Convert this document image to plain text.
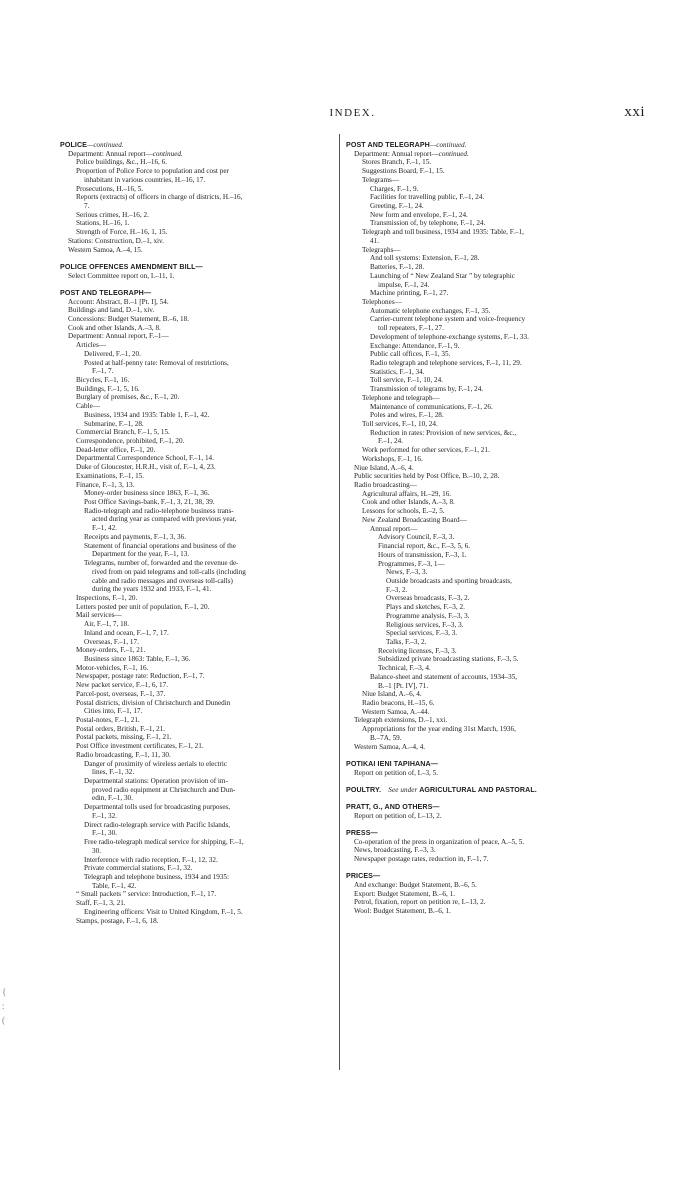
INDEX.	xxi
POLICE—continued.
Department: Annual report—continued.
Police buildings, &c., H.–16, 6.
Proportion of Police Force to population and cost per
inhabitant in various countries, H.–16, 17.
Prosecutions, H.–16, 5.
Reports (extracts) of officers in charge of districts, H.–16,
7.
Serious crimes, H.–16, 2.
Stations, H.–16, 1.
Strength of Force, H.–16, 1, 15.
Stations: Construction, D.–1, xiv.
Western Samoa, A.–4, 15.
POLICE OFFENCES AMENDMENT BILL—
Select Committee report on, I.–11, 1.
POST AND TELEGRAPH—
Account: Abstract, B.–1 [Pt. I], 54.
Buildings and land, D.–1, xiv.
Concessions: Budget Statement, B.–6, 18.
Cook and other Islands, A.–3, 8.
Department: Annual report, F.–1—
Articles—
Delivered, F.–1, 20.
Posted at half-penny rate: Removal of restrictions,
F.–1, 7.
Bicycles, F.–1, 16.
Buildings, F.–1, 5, 16.
Burglary of premises, &c., F.–1, 20.
Cable—
Business, 1934 and 1935: Table 1, F.–1, 42.
Submarine, F.–1, 28.
Commercial Branch, F.–1, 5, 15.
Correspondence, prohibited, F.–1, 20.
Dead-letter office, F.–1, 20.
Departmental Correspondence School, F.–1, 14.
Duke of Gloucester, H.R.H., visit of, F.–1, 4, 23.
Examinations, F.–1, 15.
Finance, F.–1, 3, 13.
Money-order business since 1863, F.–1, 36.
Post Office Savings-bank, F.–1, 3, 21, 38, 39.
Radio-telegraph and radio-telephone business trans-
acted during year as compared with previous year,
F.–1, 42.
Receipts and payments, F.–1, 3, 36.
Statement of financial operations and business of the
Department for the year, F.–1, 13.
Telegrams, number of, forwarded and the revenue de-
rived from on paid telegrams and toll-calls (including
cable and radio messages and overseas toll-calls)
during the years 1932 and 1933, F.–1, 41.
Inspections, F.–1, 20.
Letters posted per unit of population, F.–1, 20.
Mail services—
Air, F.–1, 7, 18.
Inland and ocean, F.–1, 7, 17.
Overseas, F.–1, 17.
Money-orders, F.–1, 21.
Business since 1863: Table, F.–1, 36.
Motor-vehicles, F.–1, 16.
Newspaper, postage rate: Reduction, F.–1, 7.
New packet service, F.–1, 6, 17.
Parcel-post, overseas, F.–1, 37.
Postal districts, division of Christchurch and Dunedin
Cities into, F.–1, 17.
Postal-notes, F.–1, 21.
Postal orders, British, F.–1, 21.
Postal packets, missing, F.–1, 21.
Post Office investment certificates, F.–1, 21.
Radio broadcasting, F.–1, 11, 30.
Danger of proximity of wireless aerials to electric
lines, F.–1, 32.
Departmental stations: Operation provision of im-
proved radio equipment at Christchurch and Dun-
edin, F.–1, 30.
Departmental tolls used for broadcasting purposes,
F.–1, 32.
Direct radio-telegraph service with Pacific Islands,
F.–1, 30.
Free radio-telegraph medical service for shipping, F.–1,
30.
Interference with radio reception, F.–1, 12, 32.
Private commercial stations, F.–1, 32.
Telegraph and telephone business, 1934 and 1935:
Table, F.–1, 42.
“ Small packets ” service: Introduction, F.–1, 17.
Staff, F.–1, 3, 21.
Engineering officers: Visit to United Kingdom, F.–1, 5.
Stamps, postage, F.–1, 6, 18.
POST AND TELEGRAPH—continued.
Department: Annual report—continued.
Stores Branch, F.–1, 15.
Suggestions Board, F.–1, 15.
Telegrams—
Charges, F.–1, 9.
Facilities for travelling public, F.–1, 24.
Greeting, F.–1, 24.
New form and envelope, F.–1, 24.
Transmission of, by telephone, F.–1, 24.
Telegraph and toll business, 1934 and 1935: Table, F.–1,
41.
Telegraphs—
And toll systems: Extension, F.–1, 28.
Batteries, F.–1, 28.
Launching of “ New Zealand Star ” by telegraphic
impulse, F.–1, 24.
Machine printing, F.–1, 27.
Telephones—
Automatic telephone exchanges, F.–1, 35.
Carrier-current telephone system and voice-frequency
toll repeaters, F.–1, 27.
Development of telephone-exchange systems, F.–1, 33.
Exchange: Attendance, F.–1, 9.
Public call offices, F.–1, 35.
Radio telegraph and telephone services, F.–1, 11, 29.
Statistics, F.–1, 34.
Toll service, F.–1, 10, 24.
Transmission of telegrams by, F.–1, 24.
Telephone and telegraph—
Maintenance of communications, F.–1, 26.
Poles and wires, F.–1, 28.
Toll services, F.–1, 10, 24.
Reduction in rates: Provision of new services, &c.,
F.–1, 24.
Work performed for other services, F.–1, 21.
Workshops, F.–1, 16.
Niue Island, A.–6, 4.
Public securities held by Post Office, B.–10, 2, 28.
Radio broadcasting—
Agricultural affairs, H.–29, 16.
Cook and other Islands, A.–3, 8.
Lessons for schools, E.–2, 5.
New Zealand Broadcasting Board—
Annual report—
Advisory Council, F.–3, 3.
Financial report, &c., F.–3, 5, 6.
Hours of transmission, F.–3, 1.
Programmes, F.–3, 1—
News, F.–3, 3.
Outside broadcasts and sporting broadcasts,
F.–3, 2.
Overseas broadcasts, F.–3, 2.
Plays and sketches, F.–3, 2.
Programme analysis, F.–3, 3.
Religious services, F.–3, 3.
Special services, F.–3, 3.
Talks, F.–3, 2.
Receiving licenses, F.–3, 3.
Subsidized private broadcasting stations, F.–3, 5.
Technical, F.–3, 4.
Balance-sheet and statement of accounts, 1934–35,
B.–1 [Pt. IV], 71.
Niue Island, A.–6, 4.
Radio beacons, H.–15, 6.
Western Samoa, A.–44.
Telegraph extensions, D.–1, xxi.
Appropriations for the year ending 31st March, 1936,
B.–7A, 59.
Western Samoa, A.–4, 4.
POTIKAI IENI TAPIHANA—
Report on petition of, I.–3, 5.
POULTRY.  See under AGRICULTURAL AND PASTORAL.
PRATT, G., AND OTHERS—
Report on petition of, I.–13, 2.
PRESS—
Co-operation of the press in organization of peace, A.–5, 5.
News, broadcasting, F.–3, 3.
Newspaper postage rates, reduction in, F.–1, 7.
PRICES—
And exchange: Budget Statement, B.–6, 5.
Export: Budget Statement, B.–6, 1.
Petrol, fixation, report on petition re, I.–13, 2.
Wool: Budget Statement, B.–6, 1.
{
:
(
